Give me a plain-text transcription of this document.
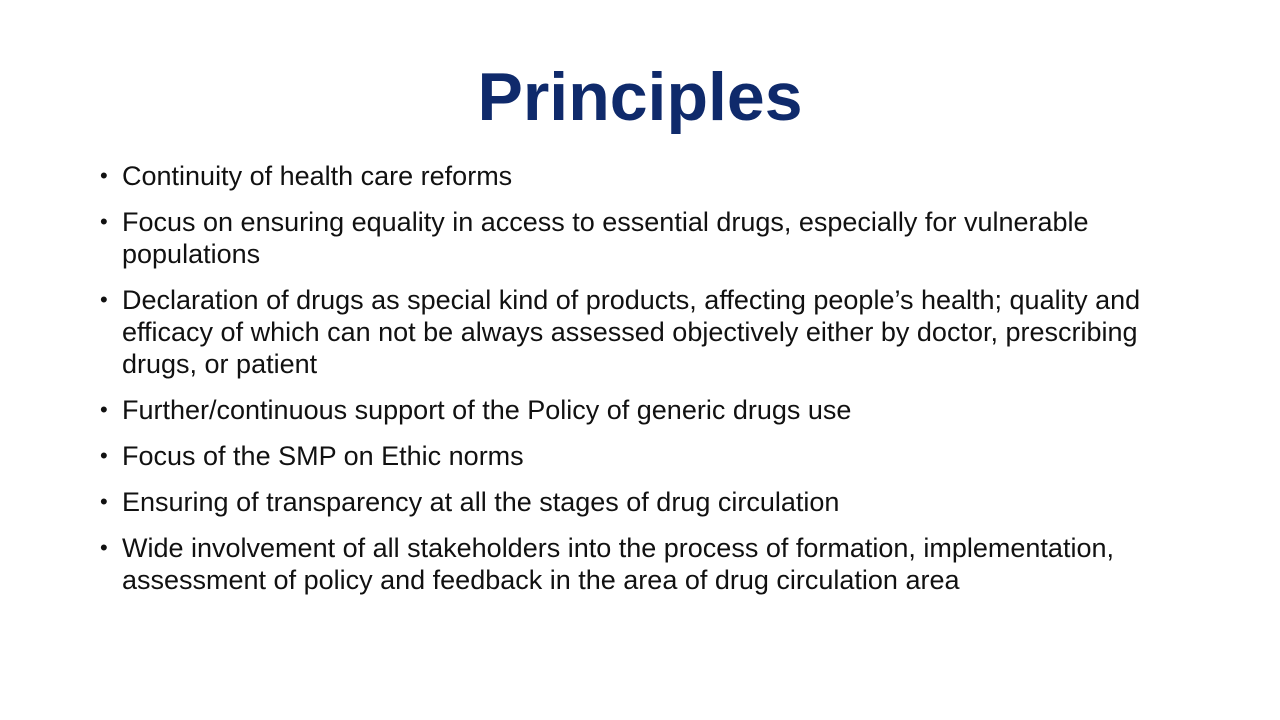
Principles
• Continuity of health care reforms
• Focus on ensuring equality in access to essential drugs, especially for vulnerable populations
• Declaration of drugs as special kind of products, affecting people’s health; quality and efficacy of which can not be always assessed objectively either by doctor, prescribing drugs, or patient
• Further/continuous support of the Policy of generic drugs use
• Focus of the SMP on Ethic norms
• Ensuring of transparency at all the stages of drug circulation
• Wide involvement of all stakeholders into the process of formation, implementation, assessment of policy and feedback in the area of drug circulation area
